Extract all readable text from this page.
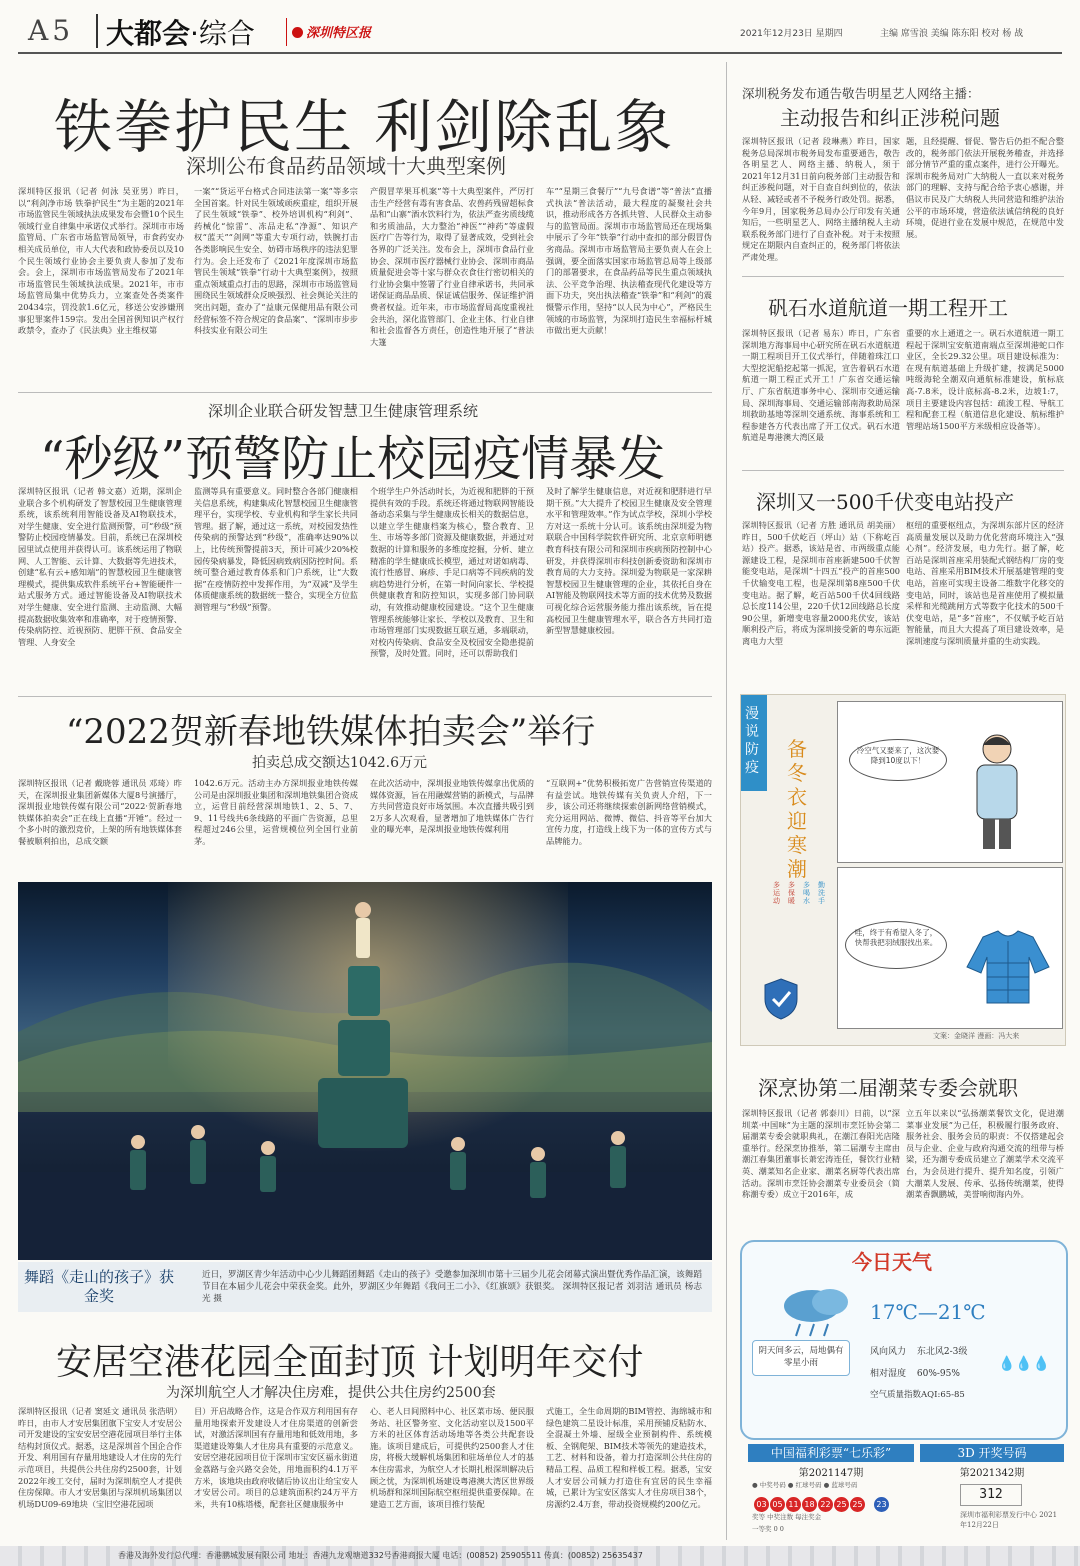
A5 大都会·综合	深圳特区报	2021年12月23日 星期四	主编 席雪浪 美编 陈东阳 校对 杨 战
铁拳护民生 利剑除乱象
深圳公布食品药品领域十大典型案例
深圳特区报讯（记者 何泳 吴亚男）昨日，以“利剑净市场 铁拳护民生”为主题的2021年市场监管民生领域执法成果发布会暨10个民生领域行业自律集中承诺仪式举行。深圳市市场监管局、广东省市场监管局领导，市食药安办相关成员单位，市人大代表和政协委员以及10个民生领域行业协会主要负责人参加了发布会。会上，深圳市市场监管局发布了2021年市场监管民生领域执法成果。2021年，市市场监管局集中优势兵力，立案查处各类案件20434宗，罚没款1.6亿元，移送公安涉嫌刑事犯罪案件159宗。发出全国首例知识产权行政禁令，查办了《民法典》业主维权第
一案”“货运平台格式合同违法第一案”等多宗全国首案。针对民生领域顽疾重症，组织开展了民生领域“铁拳”、校外培训机构“利剑”、药械化“惊雷”、冻品走私“净源”、知识产权“蓝天”“剑网”等重大专项行动，铁腕打击各类影响民生安全、妨碍市场秩序的违法犯罪行为。会上还发布了《2021年度深圳市场监管民生领域“铁拳”行动十大典型案例》，按照重点领域重点打击的思路，深圳市市场监管局围绕民生领域群众反映强烈、社会舆论关注的突出问题，查办了“益康元保健用品有限公司经营标签不符合规定的食品案”、“深圳市步步科技实业有限公司生
产假冒苹果耳机案”等十大典型案件，严厉打击生产经营有毒有害食品、农兽药残留超标食品和“山寨”酒水饮料行为，依法严查劣质线缆和劣质油品，大力整治“神医”“神药”等虚假医疗广告等行为，取得了显著成效，受到社会各界的广泛关注。发布会上，深圳市食品行业协会、深圳市医疗器械行业协会、深圳市商品质量促进会等十家与群众衣食住行密切相关的行业协会集中签署了行业自律承诺书，共同承诺保证商品品质、保证诚信服务、保证维护消费者权益。近年来，市市场监督局高度重视社会共治，深化监管部门、企业主体、行业自律和社会监督各方责任，创造性地开展了“普法大篷
车”“星期三食餐厅”“九号食谱”等“普法”直播式执法“普法活动，最大程度的凝聚社会共识，推动形成各方各抓共管、人民群众主动参与的监管局面。深圳市市场监管局还在现场集中展示了今年“铁拳”行动中查扣的部分假冒伪劣商品。深圳市市场监管局主要负责人在会上强调，要全面落实国家市场监管总局等上级部门的部署要求，在食品药品等民生重点领域执法、公平竞争治理、执法稽查现代化建设等方面下功夫，突出执法稽查“铁拳”和“利剑”的震慑警示作用，坚持“以人民为中心”，严格民生领域的市场监管，为深圳打造民生幸福标杆城市做出更大贡献！
深圳企业联合研发智慧卫生健康管理系统
“秒级”预警防止校园疫情暴发
深圳特区报讯（记者 韩文嘉）近期，深圳企业联合多个机构研发了智慧校园卫生健康管理系统，该系统利用智能设备及AI物联技术，对学生健康、安全进行监测预警，可“秒级”预警防止校园疫情暴发。目前，系统已在深圳校园里试点使用并获得认可。该系统运用了物联网、人工智能、云计算、大数据等先进技术，创建“私有云+感知端”的智慧校园卫生健康管理模式，提供集成软件系统平台+智能硬件一站式服务方式。通过智能设备及AI物联技术对学生健康、安全进行监测、主动监测、大幅提高数据收集效率和准确率，对于疫情预警、传染病防控、近视预防、肥胖干预、食品安全管理、人身安全
监测等具有重要意义。同时整合各部门健康相关信息系统，构建集成化智慧校园卫生健康管理平台，实现学校、专业机构和学生家长共同管理。据了解，通过这一系统，对校园发热性传染病的预警达到“秒级”，准确率达90%以上，比传统预警提前3天，预计可减少20%校园传染病暴发，降低因病致病因防控时间。系统可整合通过教育体系和门户系统，让“大数据”在疫情防控中发挥作用，为“双减”及学生体质健康系统的数据统一整合，实现全方位监测管理与“秒级”预警。
个班学生户外活动时长，为近视和肥胖的干预提供有效的手段。系统还将通过物联网智能设备动态采集与学生健康成长相关的数据信息，以建立学生健康档案为核心，整合教育、卫生、市场等多部门资源及健康数据，并通过对数据的计算和服务的多维度挖掘，分析、建立精准的学生健康成长模型，通过对诺如病毒、流行性感冒、麻疹、手足口病等不同疾病的发病趋势进行分析，在第一时间向家长、学校提供健康教育和防控知识，实现多部门协同联动，有效推动健康校园建设。“这个卫生健康管理系统能够让家长、学校以及教育、卫生和市场管理部门实现数据互联互通，多端联动，对校内传染病、食品安全及校园安全隐患提前预警，及时处置。同时，还可以帮助我们
及时了解学生健康信息，对近视和肥胖进行早期干预。”大大提升了校园卫生健康及安全管理水平和管理效率。”作为试点学校，深圳小学校方对这一系统十分认可。该系统由深圳爱为物联联合中国科学院软件研究所、北京京师明德教育科技有限公司和深圳市疾病预防控制中心研发，并获得深圳市科技创新委资助和深圳市教育局的大力支持。深圳爱为物联是一家深耕智慧校园卫生健康管理的企业，其依托自身在AI智能及物联网技术等方面的技术优势及数据可视化综合运营服务能力推出该系统，旨在提高校园卫生健康管理水平，联合各方共同打造新型智慧健康校园。
“2022贺新春地铁媒体拍卖会”举行
拍卖总成交额达1042.6万元
深圳特区报讯（记者 戴晓蓉 通讯员 邓琦）昨天，在深圳报业集团新媒体大厦8号演播厅，深圳报业地铁传媒有限公司“2022·贺新春地铁媒体拍卖会”正在线上直播“开锤”。经过一个多小时的激烈竞价，上架的所有地铁媒体套餐被顺利拍出，总成交额
1042.6万元。活动主办方深圳报业地铁传媒公司是由深圳报业集团和深圳地铁集团合资成立，运营目前经营深圳地铁1、2、5、7、9、11号线共6条线路的平面广告资源，总里程超过246公里，运营规模位列全国行业前茅。
在此次活动中，深圳报业地铁传媒拿出优质的媒体资源，旨在用融媒营销的新模式，与品牌方共同营造良好市场氛围。本次直播共吸引到2万多人次观看，显著增加了地铁媒体广告行业的曝光率，是深圳报业地铁传媒利用
“互联网+”优势积极拓宽广告营销宣传渠道的有益尝试。地铁传媒有关负责人介绍，下一步，该公司还将继续探索创新网络营销模式，充分运用网站、微博、微信、抖音等平台加大宣传力度，打造线上线下为一体的宣传方式与品牌能力。
舞蹈《走山的孩子》获金奖
近日，罗湖区青少年活动中心少儿舞蹈团舞蹈《走山的孩子》受邀参加深圳市第十三届少儿花会闭幕式演出暨优秀作品汇演，该舞蹈节目在本届少儿花会中荣获金奖。此外，罗湖区少年舞蹈《我问王二小》、《红旗颂》获银奖。 深圳特区报记者 刘羽洁 通讯员 杨志光 摄
安居空港花园全面封顶 计划明年交付
为深圳航空人才解决住房难，提供公共住房约2500套
深圳特区报讯（记者 窦延文 通讯员 张浩明）昨日，由市人才安居集团旗下宝安人才安居公司开发建设的宝安安居空港花园项目举行主体结构封顶仪式。据悉，这是深圳首个国企合作开发、利用国有存量用地建设人才住房的先行示范项目，共提供公共住房约2500套，计划2022年竣工交付，届时为深圳航空人才提供住房保障。市人才安居集团与深圳机场集团以机场DU09-69地块（宝旧空港花园项
目）开启战略合作，这是合作双方利用国有存量用地探索开发建设人才住房渠道的创新尝试，对激活深圳国有存量用地和低效用地，多渠道建设筹集人才住房具有重要的示范意义。安居空港花园项目位于深圳市宝安区福永街道金荔路与金兴路交会处，用地面积约4.1万平方米，该地块由政府收储后协议出让给宝安人才安居公司。项目的总建筑面积约24万平方米，共有10栋塔楼，配套社区健康服务中
心、老人日间照料中心、社区菜市场、便民服务站、社区警务室、文化活动室以及1500平方米的社区体育活动场地等各类公共配套设施。该项目建成后，可提供约2500套人才住房，将极大缓解机场集团和驻场单位人才的基本住房需求，为航空人才长期扎根深圳解决后顾之忧，为深圳机场建设粤港澳大湾区世界级机场群和深圳国际航空枢纽提供重要保障。在建造工艺方面，该项目推行装配
式施工，全生命周期的BIM管控、海绵城市和绿色建筑二星设计标准，采用预铺反粘防水、全混凝土外墙、屋级全业预制构件、系统模板、全钢爬架、BIM技术等领先的建造技术，工艺、材料和设备，着力打造深圳公共住房的精品工程、品质工程和样板工程。据悉，宝安人才安居公司倾力打造住有宜居的民生幸福城，已累计为宝安区落实人才住房项目38个，房源约2.4万套，带动投资规模约200亿元。
深圳税务发布通告敬告明星艺人网络主播：
主动报告和纠正涉税问题
深圳特区报讯（记者 段琳燕）昨日，国家税务总局深圳市税务局发布重要通告，敬告各明星艺人、网络主播、纳税人，须于2021年12月31日前向税务部门主动报告和纠正涉税问题，对于自查自纠到位的，依法从轻、减轻或者不予税务行政处罚。据悉，今年9月，国家税务总局办公厅印发有关通知后，一些明星艺人、网络主播纳税人主动联系税务部门进行了自查补税。对于未按照规定在期限内自查纠正的，税务部门将依法严肃处理。
题，且经提醒、督促、警告后仍拒不配合整改的，税务部门依法开展税务稽查，并选择部分情节严重的重点案件，进行公开曝光。深圳市税务局对广大纳税人一直以来对税务部门的理解、支持与配合给予衷心感谢，并倡议市民及广大纳税人共同营造和维护法治公平的市场环境，营造依法诚信纳税的良好环境，促进行业在发展中规范，在规范中发展。
矾石水道航道一期工程开工
深圳特区报讯（记者 易东）昨日，广东省深圳地方海事局中心研究所在矾石水道航道一期工程项目开工仪式举行，伴随着珠江口大型挖泥船挖起第一抓泥，宣告着矾石水道航道一期工程正式开工！广东省交通运输厅、广东省航道事务中心、深圳市交通运输局、深圳海事局、交通运输部南海救助局深圳救助基地等深圳交通系统、海事系统和工程参建各方代表出席了开工仪式。矾石水道航道是粤港澳大湾区最
重要的水上通道之一。矾石水道航道一期工程起于深圳宝安航道南端点至深圳港蛇口作业区，全长29.32公里。项目建设标准为：在现有航道基础上升级扩建，按满足5000吨级海轮全潮双向通航标准建设，航标底高-7.8米，设计底标高-8.2米，边坡1:7，项目主要建设内容包括：疏浚工程、导航工程和配套工程（航道信息化建设、航标维护管理站场1500平方米级相应设备等）。
深圳又一500千伏变电站投产
深圳特区报讯（记者 方胜 通讯员 胡美丽）昨日，500千伏屹百（坪山）站（下称屹百站）投产。据悉，该站是省、市两级重点能源建设工程，是深圳市首座新建500千伏智能变电站，是深圳“十四五”投产的首座500千伏输变电工程，也是深圳第8座500千伏变电站。据了解，屹百站500千伏4回线路总长度114公里，220千伏12回线路总长度90公里，新增变电容量2000兆伏安，该站顺利投产后，将成为深圳接受新的粤东远距离电力大型
枢纽的重要枢纽点，为深圳东部片区的经济高质量发展以及助力优化营商环境注入“强心剂”。经济发展，电力先行。据了解，屹百站是深圳首座采用装配式钢结构厂房的变电站、首座采用BIM技术开展基建管理的变电站，首座可实现主设备二维数字化移交的变电站，同时，该站也是首座使用了模拟量采样和光缆跳闸方式等数字化技术的500千伏变电站，是“多”首座”，不仅赋予屹百站智能量，而且大大提高了项目建设效率，是深圳速度与深圳质量并重的生动实践。
漫说防疫
备冬衣 迎寒潮
冷空气又要来了，这次要降到10度以下！
哇，终于有希望入冬了，快帮我把羽绒服找出来。
多运动
多保暖
多喝水
勤洗手
文案：金晓洋 漫画：冯大来
深烹协第二届潮菜专委会就职
深圳特区报讯（记者 郭泰川）日前，以“深圳菜·中国味”为主题的深圳市烹饪协会第二届潮菜专委会就职典礼，在潮江春阳光店隆重举行。经深烹协推举，第二届潮专主席由潮江春集团董事长萧宏涛连任，餐饮行业精英、潮菜知名企业家、潮菜名厨等代表出席活动。深圳市烹饪协会潮菜专业委员会（简称潮专委）成立于2016年，成
立五年以来以“弘扬潮菜餐饮文化，促进潮菜事业发展”为己任，积极履行服务政府、服务社会、服务会员的职责：不仅搭建起会员与企业、企业与政府沟通交流的纽带与桥梁，还为潮专委成员建立了潮菜学术交流平台，为会员进行提升、提升知名度，引领广大潮菜人发展、传承、弘扬传统潮菜，使得潮菜香飘鹏城，美誉响彻海内外。
今日天气
17℃—21℃
阴天间多云，局地偶有零星小雨
风向风力 东北风2-3级
相对湿度 60%-95%
💧💧💧
空气质量指数AQI:65-85
中国福利彩票“七乐彩”
第2021147期
● 中奖号码 ● 红球号码 ● 蓝球号码
03 05 11 18 22 25 25 23
奖等 中奖注数 每注奖金
一等奖 0 0
3D 开奖号码
第2021342期
312
深圳市福利彩票发行中心 2021年12月22日
香港及海外发行总代理：香港鹏城发展有限公司 地址：香港九龙观塘道332号香港商报大厦 电话：(00852) 25905511 传真：(00852) 25635437
